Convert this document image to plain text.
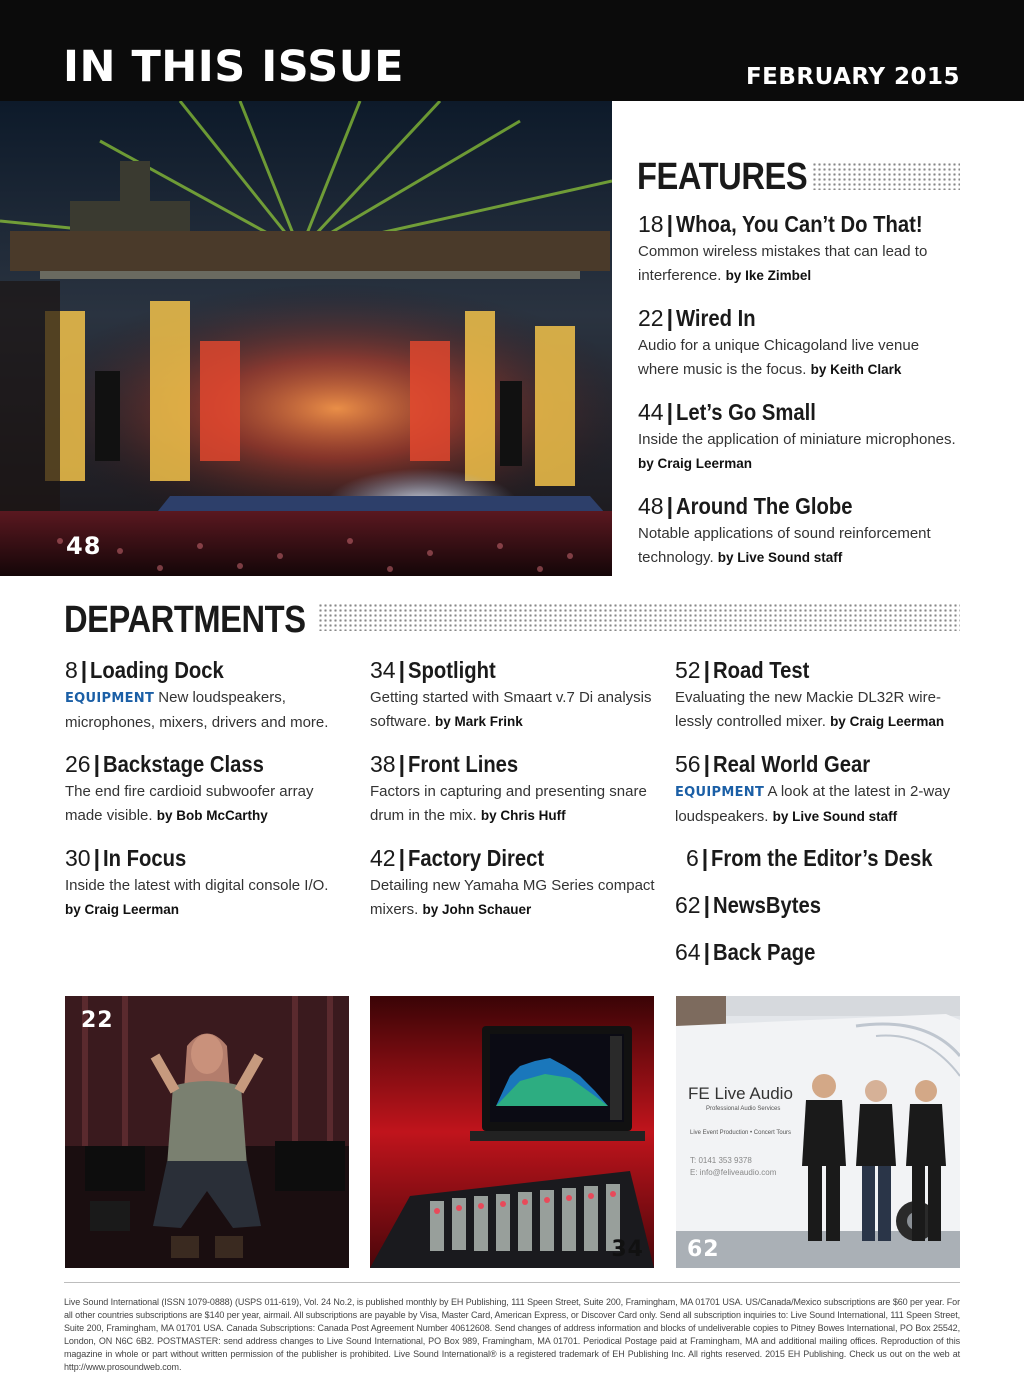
IN THIS ISSUE	FEBRUARY 2015
48
FEATURES
18 | Whoa, You Can’t Do That!
Common wireless mistakes that can lead to interference. by Ike Zimbel
22 | Wired In
Audio for a unique Chicagoland live venue where music is the focus. by Keith Clark
44 | Let’s Go Small
Inside the application of miniature microphones.
by Craig Leerman
48 | Around The Globe
Notable applications of sound reinforcement technology. by Live Sound staff
DEPARTMENTS
8 | Loading Dock
EQUIPMENT New loudspeakers, microphones, mixers, drivers and more.
26 | Backstage Class
The end fire cardioid subwoofer array made visible. by Bob McCarthy
30 | In Focus
Inside the latest with digital console I/O.
by Craig Leerman
34 | Spotlight
Getting started with Smaart v.7 Di analysis software. by Mark Frink
38 | Front Lines
Factors in capturing and presenting snare drum in the mix. by Chris Huff
42 | Factory Direct
Detailing new Yamaha MG Series compact mixers. by John Schauer
52 | Road Test
Evaluating the new Mackie DL32R wire-lessly controlled mixer. by Craig Leerman
56 | Real World Gear
EQUIPMENT A look at the latest in 2-way loudspeakers. by Live Sound staff
6 | From the Editor’s Desk
62 | NewsBytes
64 | Back Page
22
34
FE Live Audio
Professional Audio Services
Live Event Production • Concert Tours
T: 0141 353 9378
E: info@feliveaudio.com
62
Live Sound International (ISSN 1079-0888) (USPS 011-619), Vol. 24 No.2, is published monthly by EH Publishing, 111 Speen Street, Suite 200, Framingham, MA 01701 USA. US/Canada/Mexico subscriptions are $60 per year. For all other countries subscriptions are $140 per year, airmail. All subscriptions are payable by Visa, Master Card, American Express, or Discover Card only. Send all subscription inquiries to: Live Sound International, 111 Speen Street, Suite 200, Framingham, MA 01701 USA. Canada Subscriptions: Canada Post Agreement Number 40612608. Send changes of address information and blocks of undeliverable copies to Pitney Bowes International, PO Box 25542, London, ON N6C 6B2. POSTMASTER: send address changes to Live Sound International, PO Box 989, Framingham, MA 01701. Periodical Postage paid at Framingham, MA and additional mailing offices. Reproduction of this magazine in whole or part without written permission of the publisher is prohibited. Live Sound International® is a registered trademark of EH Publishing Inc. All rights reserved. 2015 EH Publishing. Check us out on the web at http://www.prosoundweb.com.
